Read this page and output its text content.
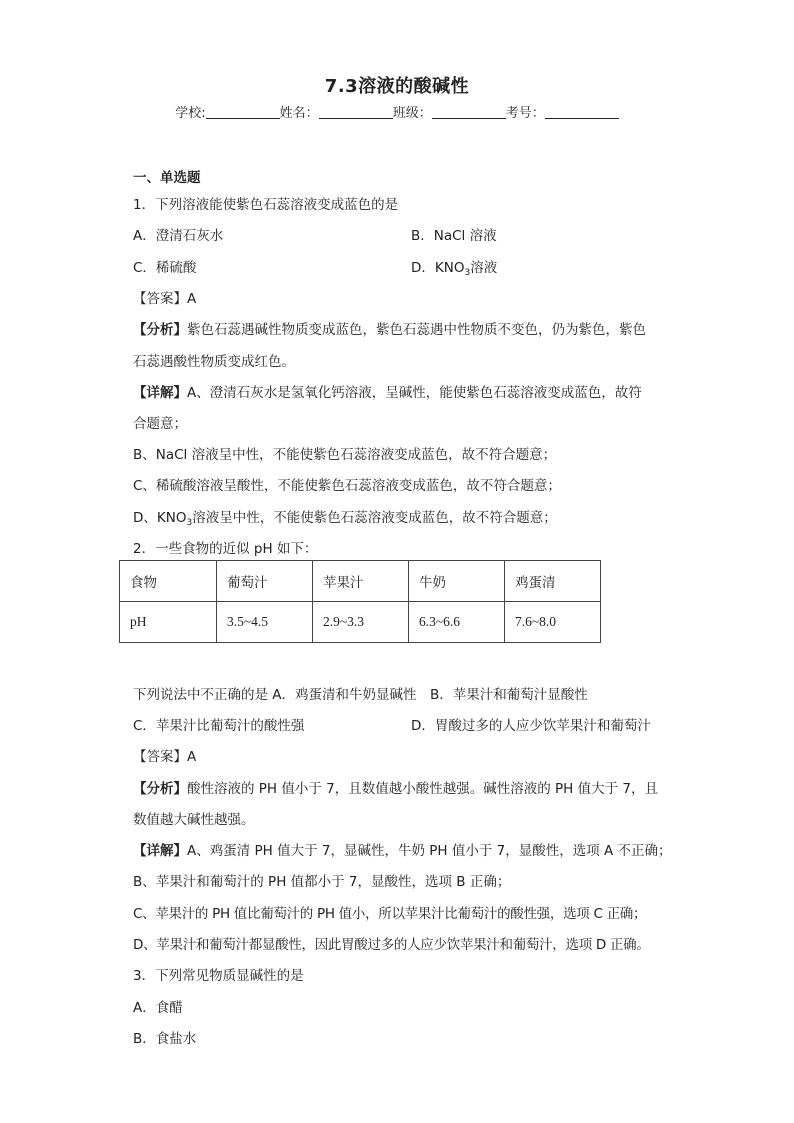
7.3溶液的酸碱性
学校:	姓名：	班级：	考号：
一、单选题
1．下列溶液能使紫色石蕊溶液变成蓝色的是
A．澄清石灰水	B．NaCl 溶液
C．稀硫酸	D．$KNO_3$溶液
【答案】A
【分析】紫色石蕊遇碱性物质变成蓝色，紫色石蕊遇中性物质不变色，仍为紫色，紫色
石蕊遇酸性物质变成红色。
【详解】A、澄清石灰水是氢氧化钙溶液，呈碱性，能使紫色石蕊溶液变成蓝色，故符
合题意；
B、NaCl 溶液呈中性，不能使紫色石蕊溶液变成蓝色，故不符合题意；
C、稀硫酸溶液呈酸性，不能使紫色石蕊溶液变成蓝色，故不符合题意；
D、$KNO_3$溶液呈中性，不能使紫色石蕊溶液变成蓝色，故不符合题意；
2．一些食物的近似 pH 如下：
食物	葡萄汁	苹果汁	牛奶	鸡蛋清
pH	3.5~4.5	2.9~3.3	6.3~6.6	7.6~8.0
下列说法中不正确的是 A．鸡蛋清和牛奶显碱性　B．苹果汁和葡萄汁显酸性
C．苹果汁比葡萄汁的酸性强	D．胃酸过多的人应少饮苹果汁和葡萄汁
【答案】A
【分析】酸性溶液的 PH 值小于 7，且数值越小酸性越强。碱性溶液的 PH 值大于 7，且
数值越大碱性越强。
【详解】A、鸡蛋清 PH 值大于 7，显碱性，牛奶 PH 值小于 7，显酸性，选项 A 不正确；
B、苹果汁和葡萄汁的 PH 值都小于 7，显酸性，选项 B 正确；
C、苹果汁的 PH 值比葡萄汁的 PH 值小，所以苹果汁比葡萄汁的酸性强，选项 C 正确；
D、苹果汁和葡萄汁都显酸性，因此胃酸过多的人应少饮苹果汁和葡萄汁，选项 D 正确。
3．下列常见物质显碱性的是
A．食醋
B．食盐水
